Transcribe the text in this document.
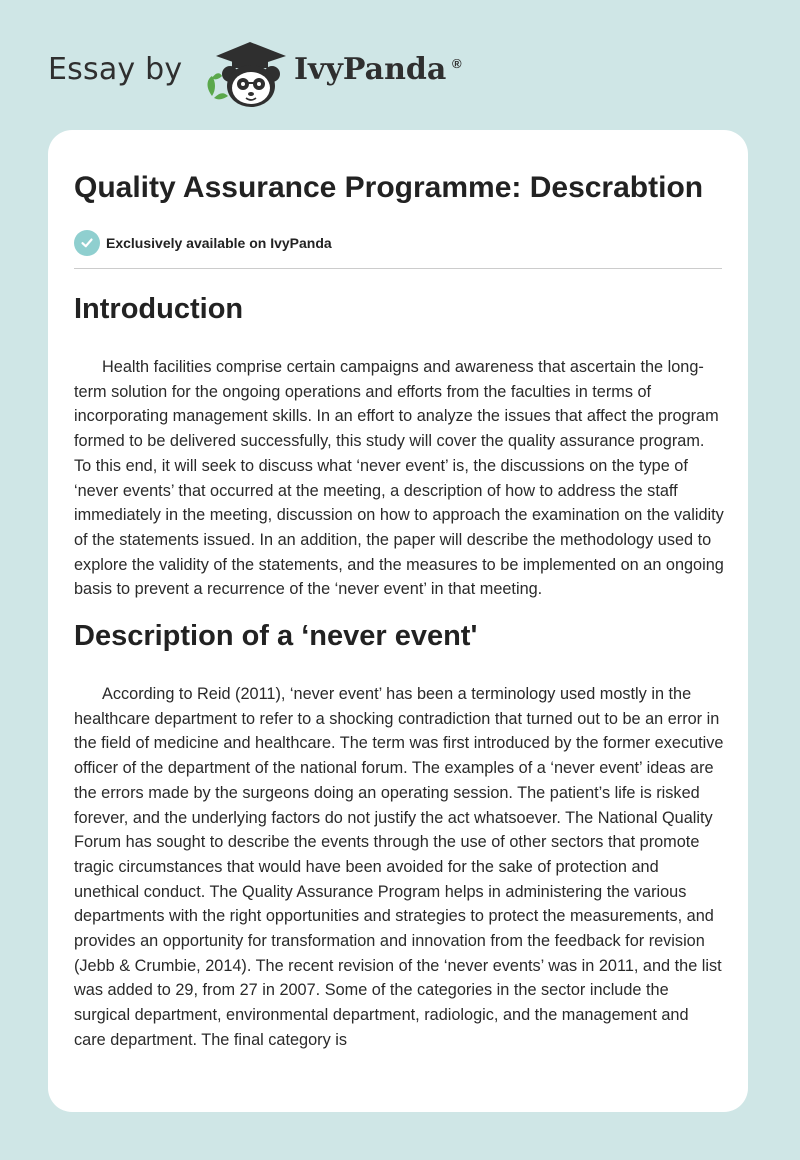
Essay by	IvyPanda ®
Quality Assurance Programme: Descrabtion
Exclusively available on IvyPanda
Introduction

Health facilities comprise certain campaigns and awareness that ascertain the long-term solution for the ongoing operations and efforts from the faculties in terms of incorporating management skills. In an effort to analyze the issues that affect the program formed to be delivered successfully, this study will cover the quality assurance program. To this end, it will seek to discuss what ‘never event’ is, the discussions on the type of ‘never events’ that occurred at the meeting, a description of how to address the staff immediately in the meeting, discussion on how to approach the examination on the validity of the statements issued. In an addition, the paper will describe the methodology used to explore the validity of the statements, and the measures to be implemented on an ongoing basis to prevent a recurrence of the ‘never event’ in that meeting.

Description of a ‘never event'

According to Reid (2011), ‘never event’ has been a terminology used mostly in the healthcare department to refer to a shocking contradiction that turned out to be an error in the field of medicine and healthcare. The term was first introduced by the former executive officer of the department of the national forum. The examples of a ‘never event’ ideas are the errors made by the surgeons doing an operating session. The patient’s life is risked forever, and the underlying factors do not justify the act whatsoever. The National Quality Forum has sought to describe the events through the use of other sectors that promote tragic circumstances that would have been avoided for the sake of protection and unethical conduct. The Quality Assurance Program helps in administering the various departments with the right opportunities and strategies to protect the measurements, and provides an opportunity for transformation and innovation from the feedback for revision (Jebb & Crumbie, 2014). The recent revision of the ‘never events’ was in 2011, and the list was added to 29, from 27 in 2007. Some of the categories in the sector include the surgical department, environmental department, radiologic, and the management and care department. The final category is
